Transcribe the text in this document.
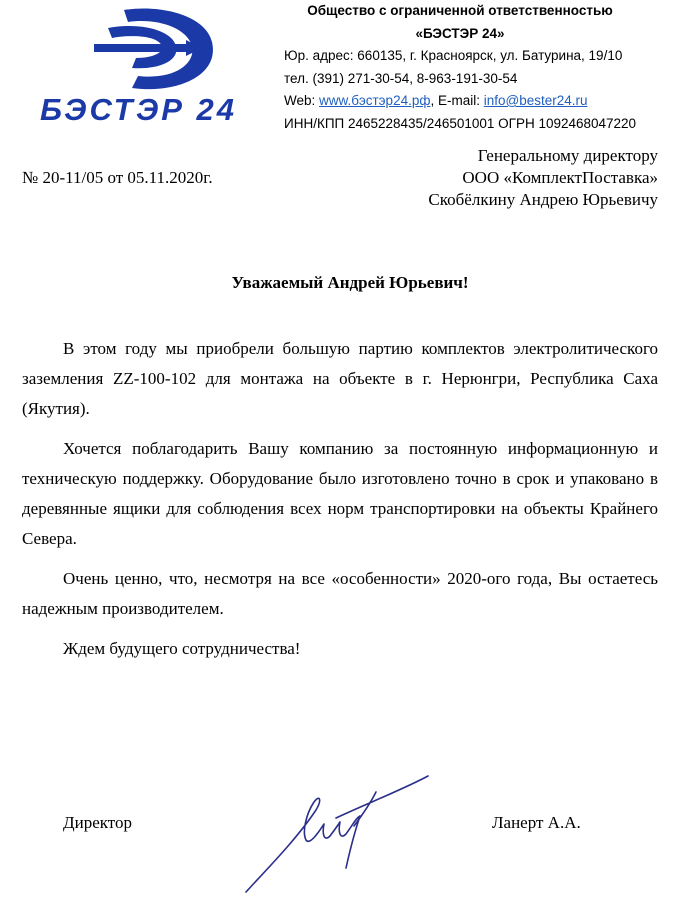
БЭСТЭР 24
Общество с ограниченной ответственностью
«БЭСТЭР 24»
Юр. адрес: 660135, г. Красноярск, ул. Батурина, 19/10
тел. (391) 271-30-54, 8-963-191-30-54
Web: www.бэстэр24.рф, E-mail: info@bester24.ru
ИНН/КПП 2465228435/246501001 ОГРН 1092468047220
№ 20-11/05 от 05.11.2020г.
Генеральному директору
ООО «КомплектПоставка»
Скобёлкину Андрею Юрьевичу
Уважаемый Андрей Юрьевич!

В этом году мы приобрели большую партию комплектов электролитического заземления ZZ-100-102 для монтажа на объекте в г. Нерюнгри, Республика Саха (Якутия).

Хочется поблагодарить Вашу компанию за постоянную информационную и техническую поддержку. Оборудование было изготовлено точно в срок и упаковано в деревянные ящики для соблюдения всех норм транспортировки на объекты Крайнего Севера.

Очень ценно, что, несмотря на все «особенности» 2020-ого года, Вы остаетесь надежным производителем.

Ждем будущего сотрудничества!

Директор	Ланерт А.А.
